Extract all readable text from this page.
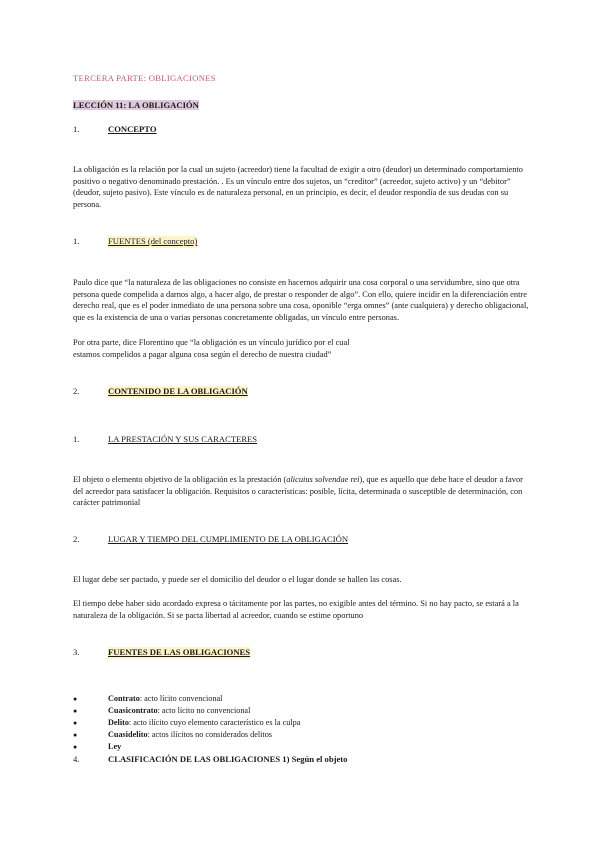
TERCERA PARTE: OBLIGACIONES
LECCIÓN 11: LA OBLIGACIÓN
1.	CONCEPTO

La obligación es la relación por la cual un sujeto (acreedor) tiene la facultad de exigir a otro (deudor) un determinado comportamiento positivo o negativo denominado prestación. . Es un vínculo entre dos sujetos, un “creditor” (acreedor, sujeto activo) y un “debitor” (deudor, sujeto pasivo). Este vínculo es de naturaleza personal, en un principio, es decir, el deudor respondía de sus deudas con su persona.

1.	FUENTES (del concepto)

Paulo dice que “la naturaleza de las obligaciones no consiste en hacernos adquirir una cosa corporal o una servidumbre, sino que otra persona quede compelida a darnos algo, a hacer algo, de prestar o responder de algo”. Con ello, quiere incidir en la diferenciación entre derecho real, que es el poder inmediato de una persona sobre una cosa, oponible “erga omnes” (ante cualquiera) y derecho obligacional, que es la existencia de una o varias personas concretamente obligadas, un vínculo entre personas.

Por otra parte, dice Florentino que “la obligación es un vínculo jurídico por el cual

estamos compelidos a pagar alguna cosa según el derecho de nuestra ciudad”

2.	CONTENIDO DE LA OBLIGACIÓN
1.	LA PRESTACIÓN Y SUS CARACTERES

El objeto o elemento objetivo de la obligación es la prestación (alicuius solvendae rei), que es aquello que debe hace el deudor a favor del acreedor para satisfacer la obligación. Requisitos o características: posible, lícita, determinada o susceptible de determinación, con carácter patrimonial

2.	LUGAR Y TIEMPO DEL CUMPLIMIENTO DE LA OBLIGACIÓN

El lugar debe ser pactado, y puede ser el domicilio del deudor o el lugar donde se hallen las cosas.

El tiempo debe haber sido acordado expresa o tácitamente por las partes, no exigible antes del término. Si no hay pacto, se estará a la naturaleza de la obligación. Si se pacta libertad al acreedor, cuando se estime oportuno

3.	FUENTES DE LAS OBLIGACIONES
●	Contrato: acto lícito convencional
●	Cuasicontrato: acto lícito no convencional
●	Delito: acto ilícito cuyo elemento característico es la culpa
●	Cuasidelito: actos ilícitos no considerados delitos
●	Ley
4.	CLASIFICACIÓN DE LAS OBLIGACIONES 1) Según el objeto
